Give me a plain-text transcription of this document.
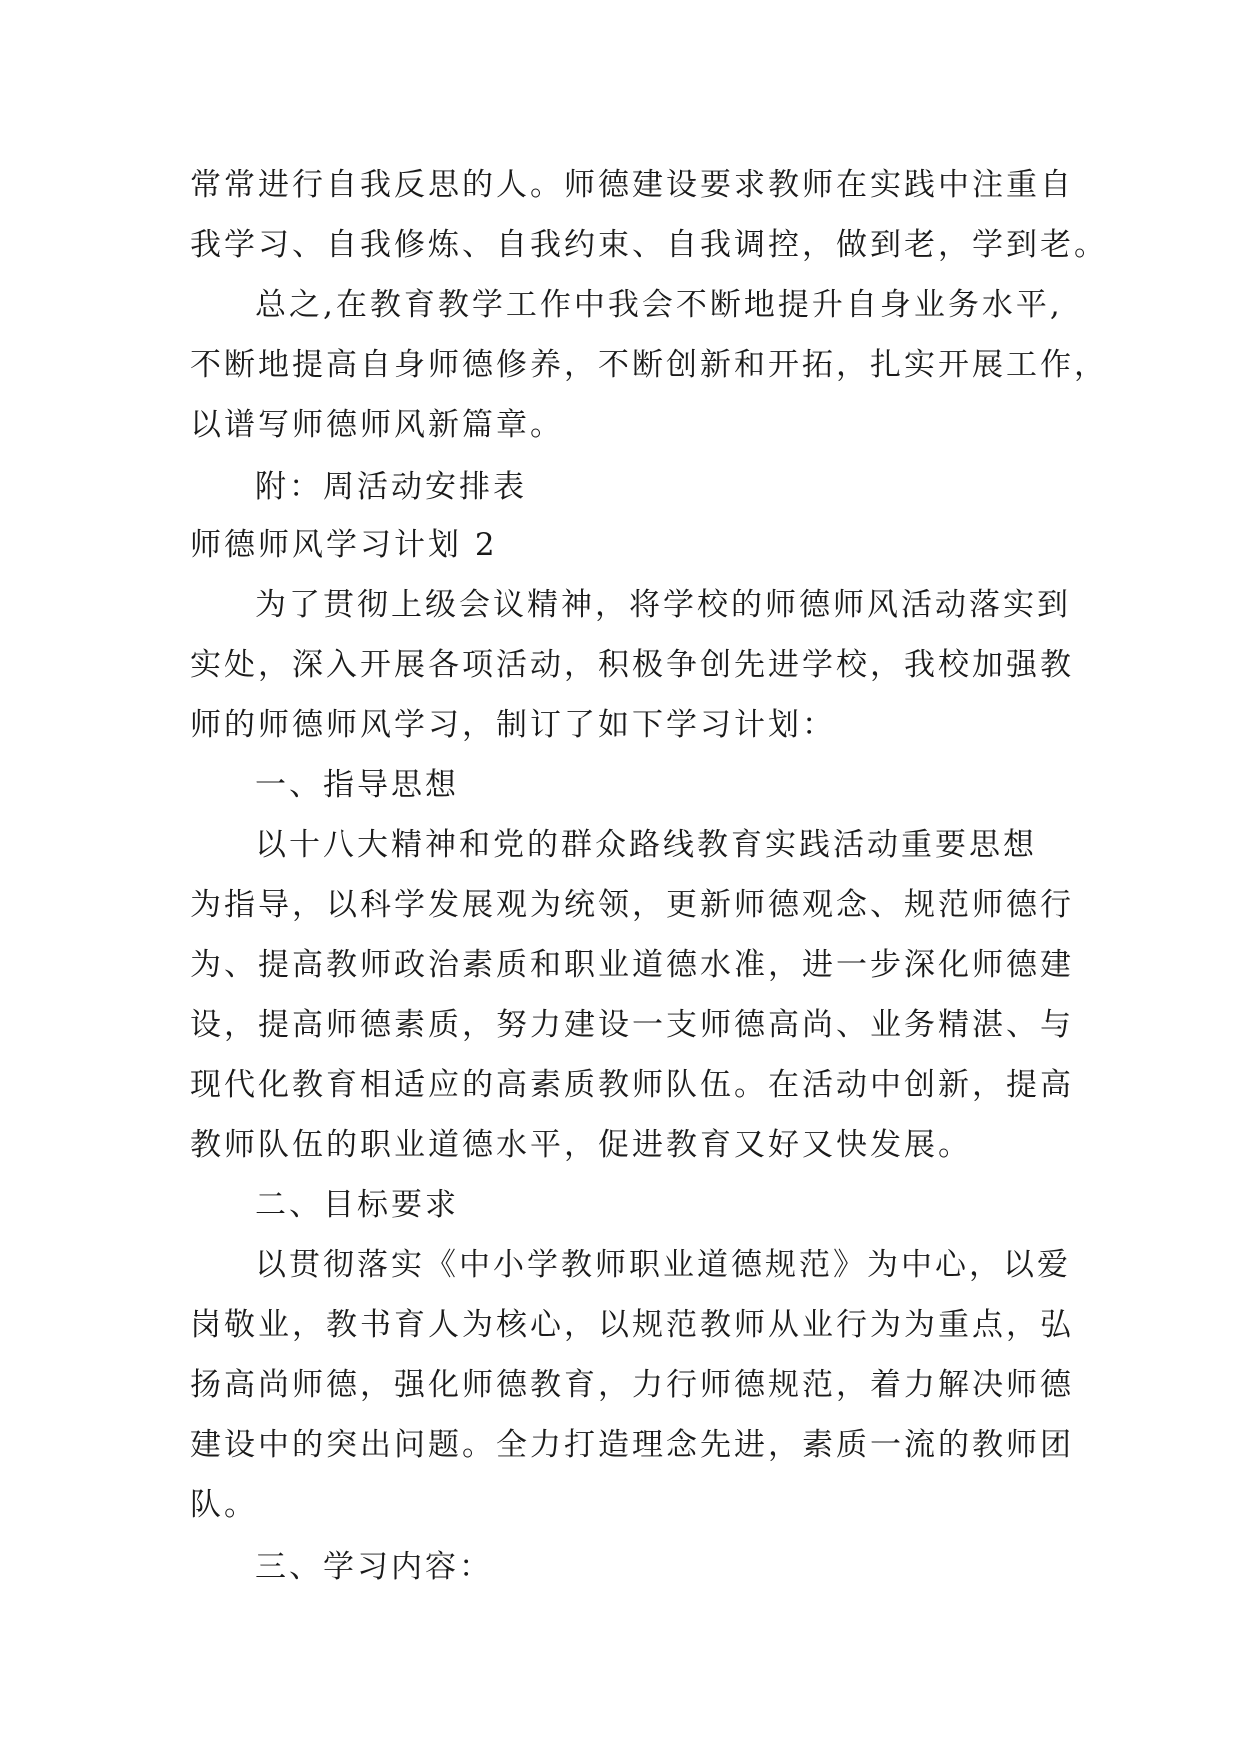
常常进行自我反思的人。师德建设要求教师在实践中注重自
我学习、自我修炼、自我约束、自我调控，做到老，学到老。
总之,在教育教学工作中我会不断地提升自身业务水平,
不断地提高自身师德修养，不断创新和开拓，扎实开展工作，
以谱写师德师风新篇章。
附：周活动安排表
师德师风学习计划 2
为了贯彻上级会议精神，将学校的师德师风活动落实到
实处，深入开展各项活动，积极争创先进学校，我校加强教
师的师德师风学习，制订了如下学习计划：
一、指导思想
以十八大精神和党的群众路线教育实践活动重要思想
为指导，以科学发展观为统领，更新师德观念、规范师德行
为、提高教师政治素质和职业道德水准，进一步深化师德建
设，提高师德素质，努力建设一支师德高尚、业务精湛、与
现代化教育相适应的高素质教师队伍。在活动中创新，提高
教师队伍的职业道德水平，促进教育又好又快发展。
二、目标要求
以贯彻落实《中小学教师职业道德规范》为中心，以爱
岗敬业，教书育人为核心，以规范教师从业行为为重点，弘
扬高尚师德，强化师德教育，力行师德规范，着力解决师德
建设中的突出问题。全力打造理念先进，素质一流的教师团
队。
三、学习内容：
